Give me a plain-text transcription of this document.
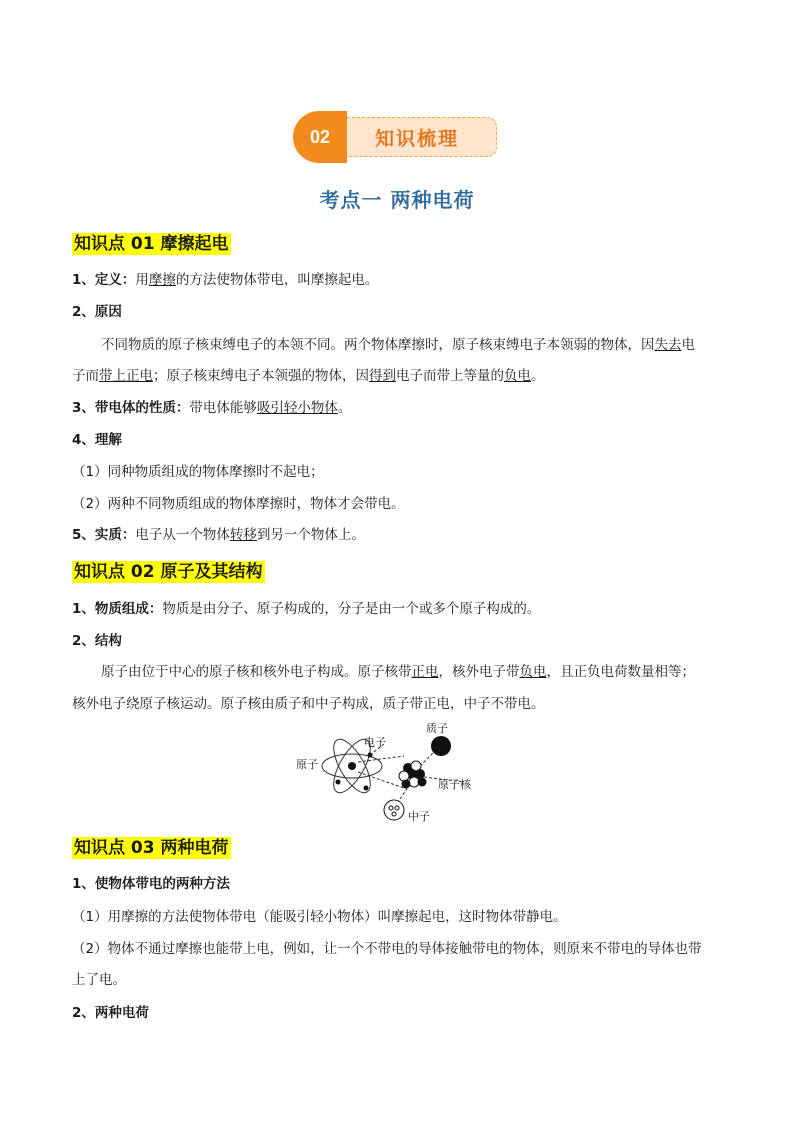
知识梳理
02
考点一 两种电荷
知识点 01 摩擦起电
1、定义：用摩擦的方法使物体带电，叫摩擦起电。
2、原因
不同物质的原子核束缚电子的本领不同。两个物体摩擦时，原子核束缚电子本领弱的物体，因失去电
子而带上正电；原子核束缚电子本领强的物体，因得到电子而带上等量的负电。
3、带电体的性质：带电体能够吸引轻小物体。
4、理解
（1）同种物质组成的物体摩擦时不起电；
（2）两种不同物质组成的物体摩擦时，物体才会带电。
5、实质：电子从一个物体转移到另一个物体上。
知识点 02 原子及其结构
1、物质组成：物质是由分子、原子构成的，分子是由一个或多个原子构成的。
2、结构
原子由位于中心的原子核和核外电子构成。原子核带正电，核外电子带负电，且正负电荷数量相等；
核外电子绕原子核运动。原子核由质子和中子构成，质子带正电，中子不带电。
原子
电子
质子
原子核
中子
知识点 03 两种电荷
1、使物体带电的两种方法
（1）用摩擦的方法使物体带电（能吸引轻小物体）叫摩擦起电，这时物体带静电。
（2）物体不通过摩擦也能带上电，例如，让一个不带电的导体接触带电的物体，则原来不带电的导体也带
上了电。
2、两种电荷
